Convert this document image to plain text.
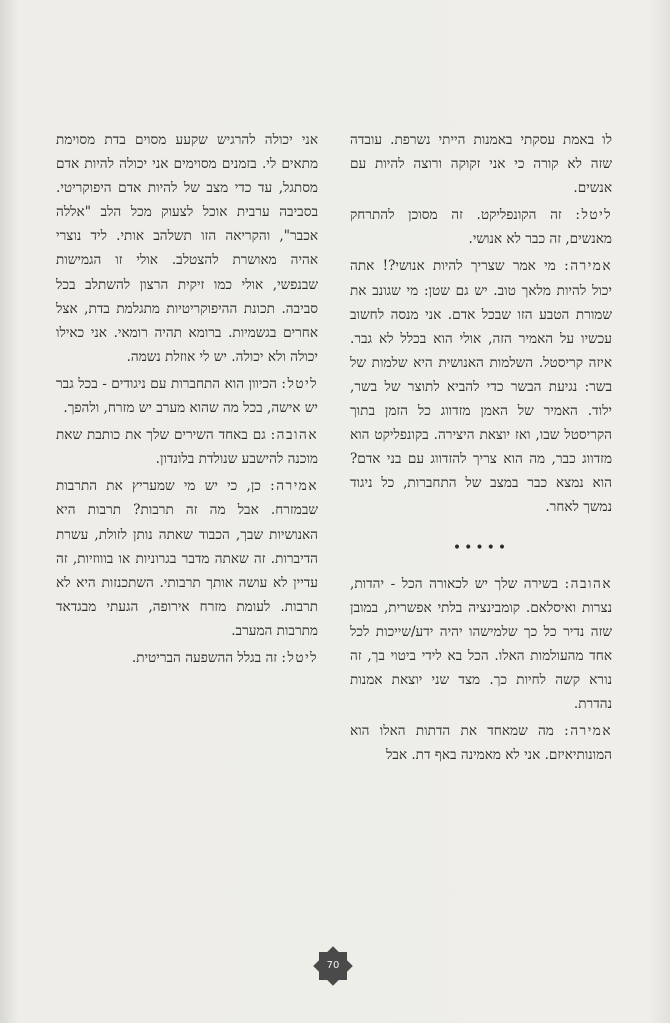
לו באמת עסקתי באמנות הייתי נשרפת. עובדה שזה לא קורה כי אני זקוקה ורוצה להיות עם אנשים.

ליטל: זה הקונפליקט. זה מסוכן להתרחק מאנשים, זה כבר לא אנושי.

אמירה: מי אמר שצריך להיות אנושי?! אתה יכול להיות מלאך טוב. יש גם שטן: מי שגונב את שמורת הטבע הזו שבכל אדם. אני מנסה לחשוב עכשיו על האמיר הזה, אולי הוא בכלל לא גבר. איזה קריסטל. השלמות האנושית היא שלמות של בשר: נגיעת הבשר כדי להביא לתוצר של בשר, ילוד. האמיר של האמן מזדווג כל הזמן בתוך הקריסטל שבו, ואז יוצאת היצירה. בקונפליקט הוא מזדווג כבר, מה הוא צריך להזדווג עם בני אדם? הוא נמצא כבר במצב של התחברות, כל ניגוד נמשך לאחר.

•••••

אהובה: בשירה שלך יש לכאורה הכל - יהדות, נצרות ואיסלאם. קומבינציה בלתי אפשרית, במובן שזה נדיר כל כך שלמישהו יהיה ידע/שייכות לכל אחד מהעולמות האלו. הכל בא לידי ביטוי בך, זה נורא קשה לחיות כך. מצד שני יוצאת אמנות נהדרת.

אמירה: מה שמאחד את הדתות האלו הוא המונותיאיזם. אני לא מאמינה באף דת. אבל

אני יכולה להרגיש שקעע מסוים בדת מסוימת מתאים לי. בזמנים מסוימים אני יכולה להיות אדם מסתגל, עד כדי מצב של להיות אדם היפוקריטי. בסביבה ערבית אוכל לצעוק מכל הלב "אללה אכבר", והקריאה הזו תשלהב אותי. ליד נוצרי אהיה מאושרת להצטלב. אולי זו הגמישות שבנפשי, אולי כמו זיקית הרצון להשתלב בכל סביבה. תכונת ההיפוקריטיות מתגלמת בדת, אצל אחרים בגשמיות. ברומא תהיה רומאי. אני כאילו יכולה ולא יכולה. יש לי אוזלת נשמה.

ליטל: הכיוון הוא התחברות עם ניגודים - בכל גבר יש אישה, בכל מה שהוא מערב יש מזרח, ולהפך.

אהובה: גם באחד השירים שלך את כותבת שאת מוכנה להישבע שנולדת בלונדון.

אמירה: כן, כי יש מי שמעריץ את התרבות שבמזרח. אבל מה זה תרבות? תרבות היא האנושיות שבך, הכבוד שאתה נותן לזולת, עשרת הדיברות. זה שאתה מדבר בגרוניות או בוווזיות, זה עדיין לא עושה אותך תרבותי. השתכנזות היא לא תרבות. לעומת מזרח אירופה, הגעתי מבגדאד מתרבות המערב.

ליטל: זה בגלל ההשפעה הבריטית.

70
